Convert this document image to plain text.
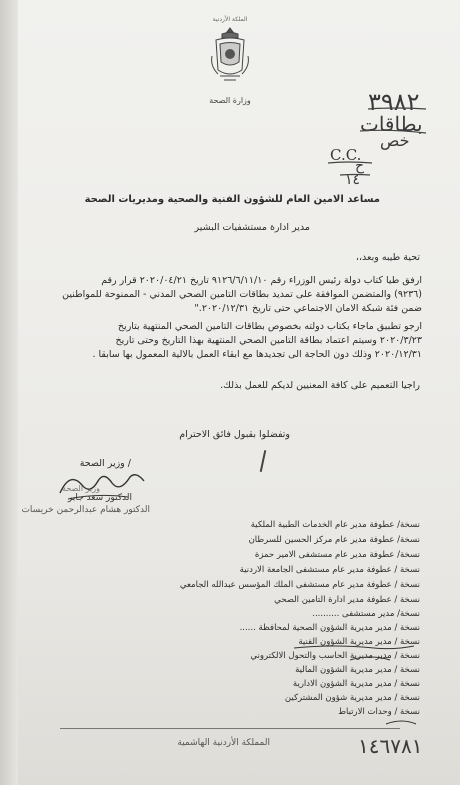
الملكة الأردنية
وزارة الصحة	٣٩٨٢
بطاقات
خص
C.C.
ح
١٤
مساعد الامين العام للشؤون الفنية والصحية ومديريات الصحة
مدير ادارة مستشفيات البشير
تحية طيبه وبعد،،
ارفق طيا كتاب دولة رئيس الوزراء رقم ٩١٢٦/٦/١١/١٠ تاريخ ٢٠٢٠/٠٤/٢١ قرار رقم
(٩٢٣٦) والمتضمن الموافقة على تمديد بطاقات التامين الصحي المدني - الممنوحة للمواطنين
ضمن فئة شبكة الامان الاجتماعي حتى تاريخ ٢٠٢٠/١٢/٣١."
ارجو تطبيق ماجاء بكتاب دولته بخصوص بطاقات التامين الصحي المنتهية بتاريخ
٢٠٢٠/٣/٢٣ وسيتم اعتماد بطاقة التامين الصحي المنتهية بهذا التاريخ وحتى تاريخ
٢٠٢٠/١٢/٣١ وذلك دون الحاجة الى تجديدها مع ابقاء العمل بالالية المعمول بها سابقا .
راجيا التعميم على كافة المعنيين لديكم للعمل بذلك.
وتفضلوا بقبول فائق الاحترام
/ وزير الصحة
وزير الصحة
الدكتور سعد جابر
الدكتور هشام عبدالرحمن خريسات
نسخة/ عطوفة مدير عام الخدمات الطبية الملكية
نسخة/ عطوفة مدير عام مركز الحسين للسرطان
نسخة/ عطوفة مدير عام مستشفى الامير حمزة
نسخة / عطوفة مدير عام مستشفى الجامعة الاردنية
نسخة / عطوفة مدير عام مستشفى الملك المؤسس عبدالله الجامعي
نسخة / عطوفة مدير ادارة التامين الصحي
نسخة/ مدير مستشفى ..........
نسخة / مدير مديرية الشؤون الصحية لمحافظة ......
نسخة / مدير مديرية الشؤون الفنية
نسخة / مدير مديرية الحاسب والتحول الالكتروني
نسخة / مدير مديرية الشؤون المالية
نسخة / مدير مديرية الشؤون الادارية
نسخة / مدير مديرية شؤون المشتركين
نسخة / وحدات الارتباط
المملكة الأردنية الهاشمية	١٤٦٧٨١
